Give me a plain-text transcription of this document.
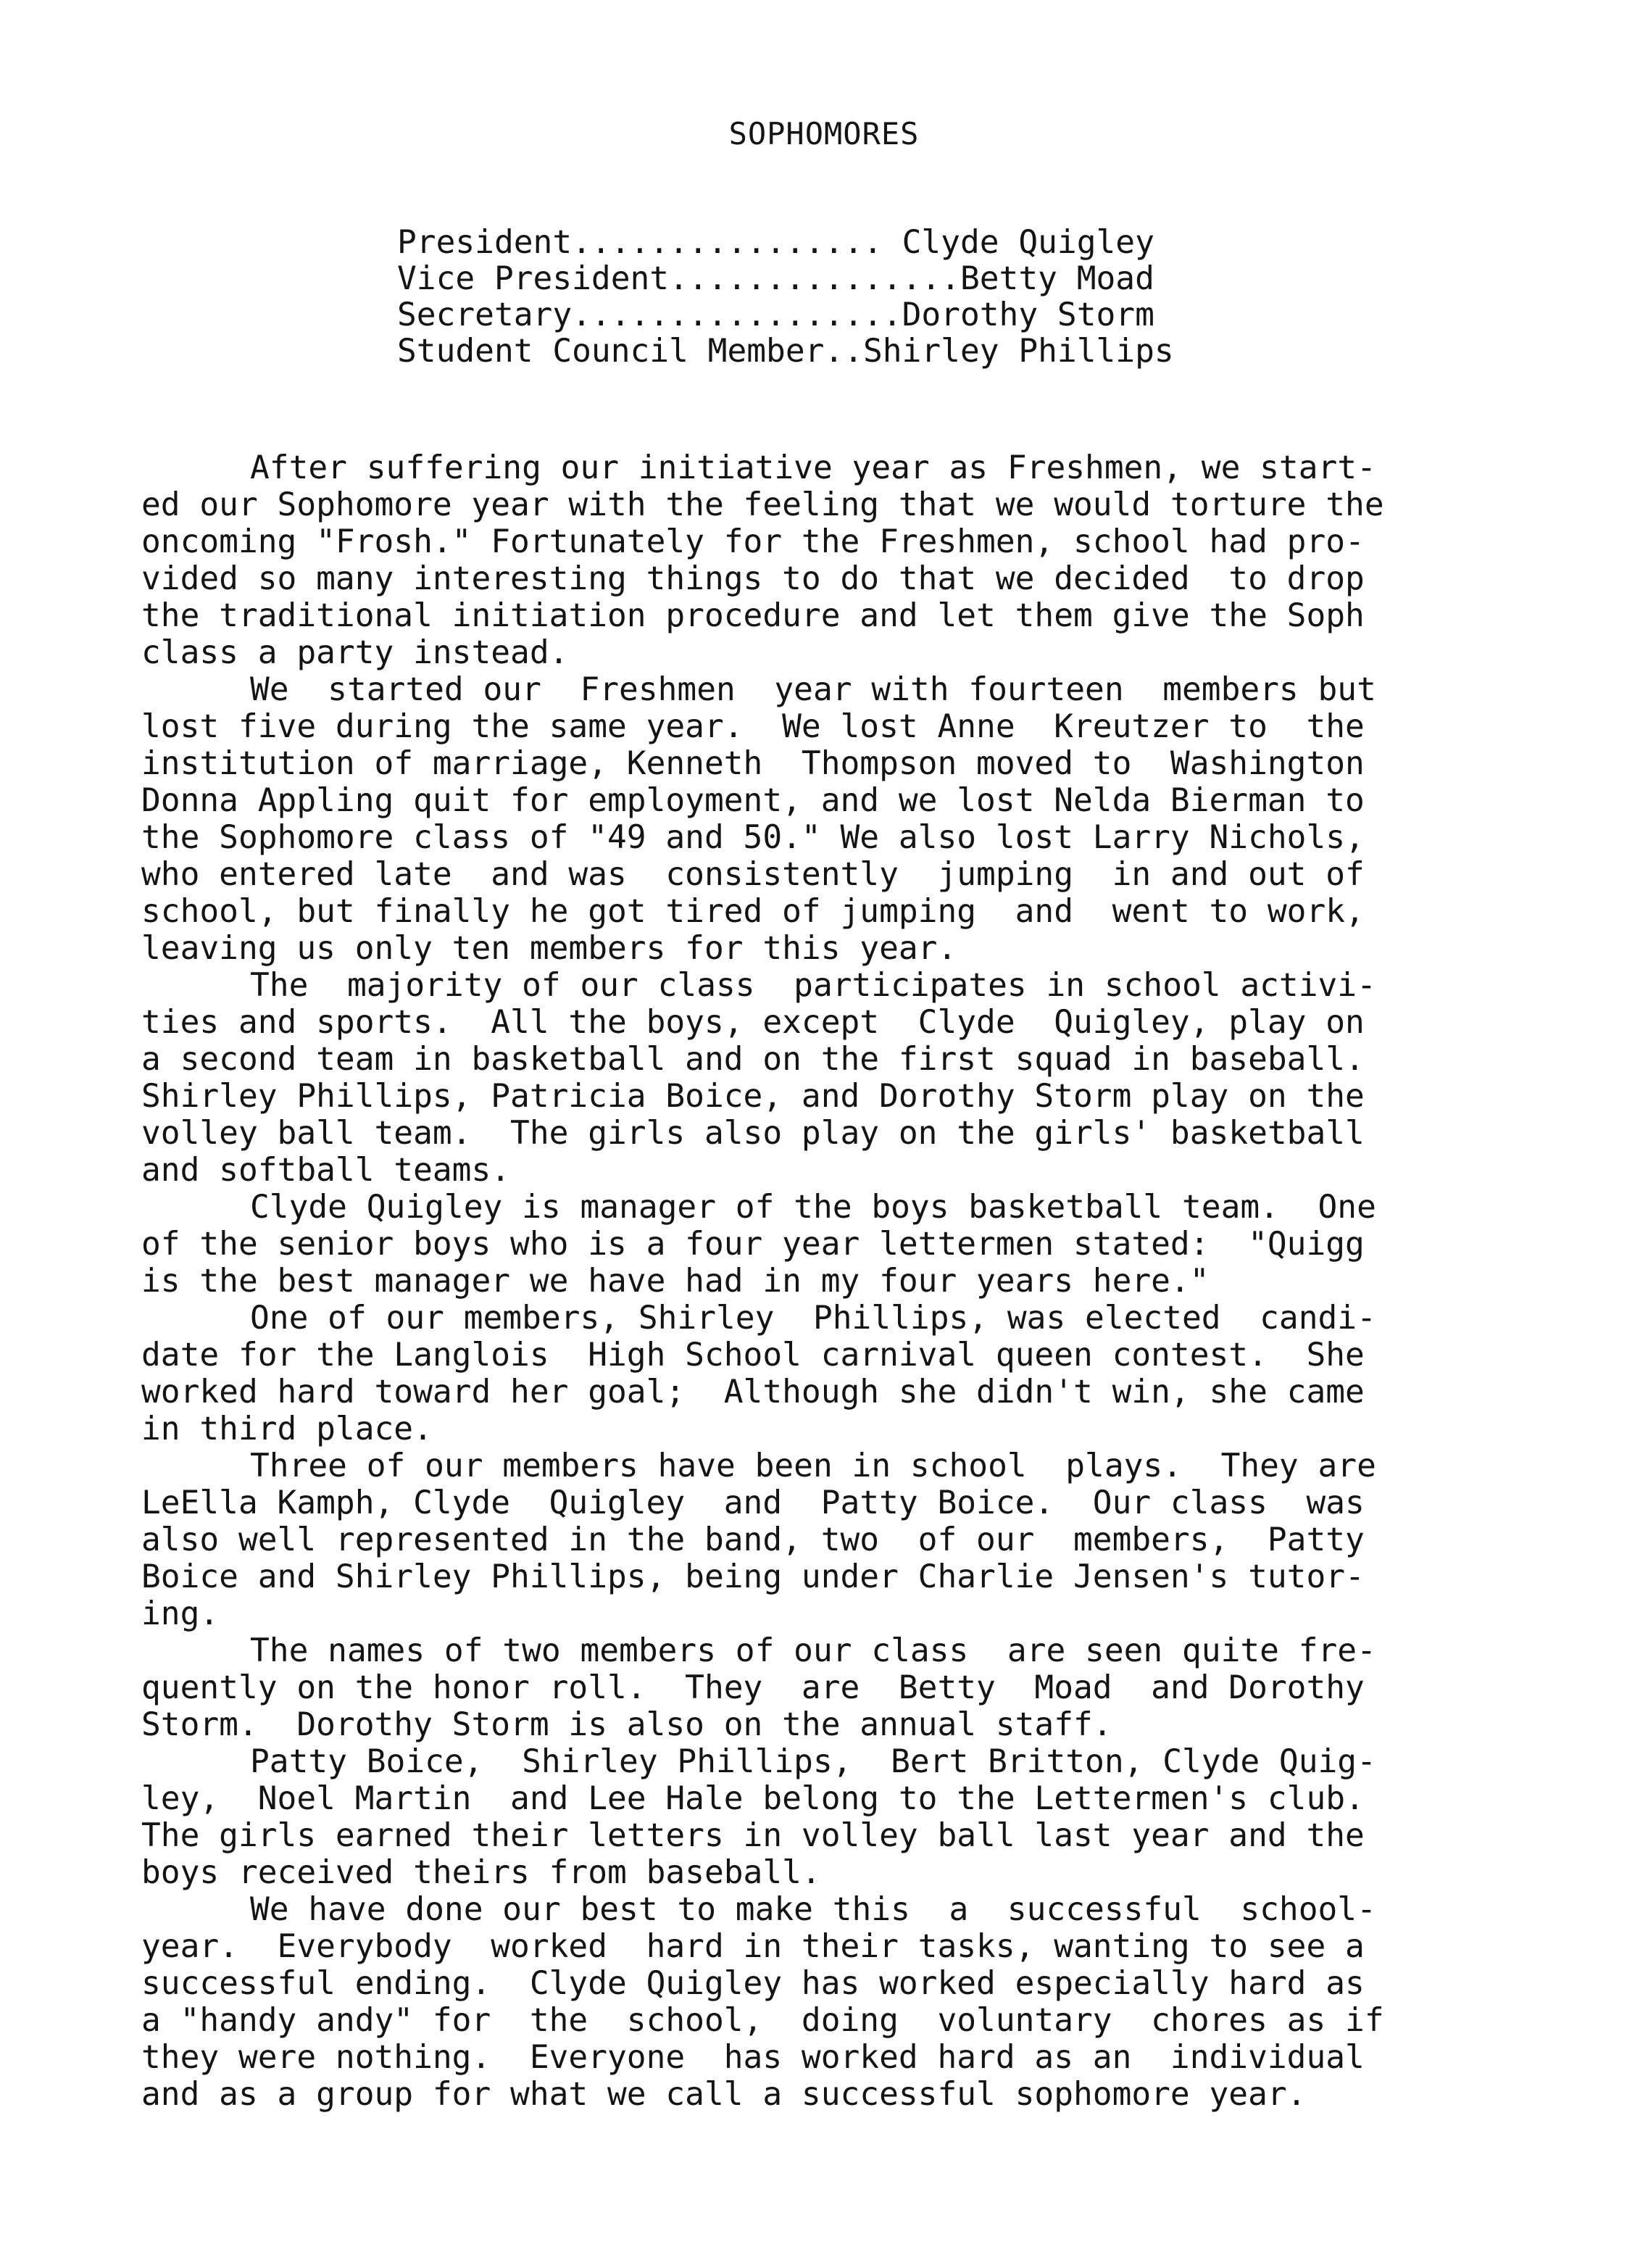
SOPHOMORES
President................ Clyde Quigley
Vice President...............Betty Moad
Secretary.................Dorothy Storm
Student Council Member..Shirley Phillips
After suffering our initiative year as Freshmen, we start-
ed our Sophomore year with the feeling that we would torture the
oncoming "Frosh." Fortunately for the Freshmen, school had pro-
vided so many interesting things to do that we decided  to drop
the traditional initiation procedure and let them give the Soph
class a party instead.
We  started our  Freshmen  year with fourteen  members but
lost five during the same year.  We lost Anne  Kreutzer to  the
institution of marriage, Kenneth  Thompson moved to  Washington
Donna Appling quit for employment, and we lost Nelda Bierman to
the Sophomore class of "49 and 50." We also lost Larry Nichols,
who entered late  and was  consistently  jumping  in and out of
school, but finally he got tired of jumping  and  went to work,
leaving us only ten members for this year.
The  majority of our class  participates in school activi-
ties and sports.  All the boys, except  Clyde  Quigley, play on
a second team in basketball and on the first squad in baseball.
Shirley Phillips, Patricia Boice, and Dorothy Storm play on the
volley ball team.  The girls also play on the girls' basketball
and softball teams.
Clyde Quigley is manager of the boys basketball team.  One
of the senior boys who is a four year lettermen stated:  "Quigg
is the best manager we have had in my four years here."
One of our members, Shirley  Phillips, was elected  candi-
date for the Langlois  High School carnival queen contest.  She
worked hard toward her goal;  Although she didn't win, she came
in third place.
Three of our members have been in school  plays.  They are
LeElla Kamph, Clyde  Quigley  and  Patty Boice.  Our class  was
also well represented in the band, two  of our  members,  Patty
Boice and Shirley Phillips, being under Charlie Jensen's tutor-
ing.
The names of two members of our class  are seen quite fre-
quently on the honor roll.  They  are  Betty  Moad  and Dorothy
Storm.  Dorothy Storm is also on the annual staff.
Patty Boice,  Shirley Phillips,  Bert Britton, Clyde Quig-
ley,  Noel Martin  and Lee Hale belong to the Lettermen's club.
The girls earned their letters in volley ball last year and the
boys received theirs from baseball.
We have done our best to make this  a  successful  school-
year.  Everybody  worked  hard in their tasks, wanting to see a
successful ending.  Clyde Quigley has worked especially hard as
a "handy andy" for  the  school,  doing  voluntary  chores as if
they were nothing.  Everyone  has worked hard as an  individual
and as a group for what we call a successful sophomore year.
